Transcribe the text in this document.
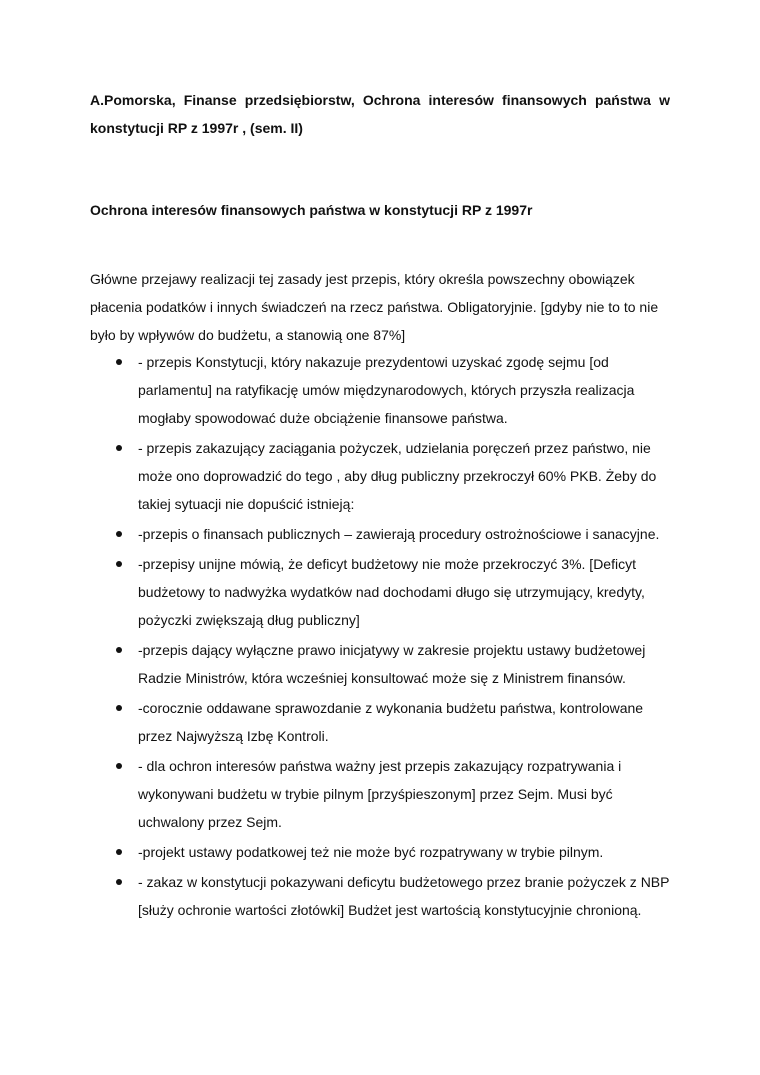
A.Pomorska, Finanse przedsiębiorstw, Ochrona interesów finansowych państwa w konstytucji RP z 1997r , (sem. II)

Ochrona interesów finansowych państwa w konstytucji RP z 1997r

Główne przejawy realizacji tej zasady jest przepis, który określa powszechny obowiązek płacenia podatków i innych świadczeń na rzecz państwa. Obligatoryjnie. [gdyby nie to to nie było by wpływów do budżetu, a stanowią one 87%]

- przepis Konstytucji, który nakazuje prezydentowi uzyskać zgodę sejmu [od parlamentu] na ratyfikację umów międzynarodowych, których przyszła realizacja mogłaby spowodować duże obciążenie finansowe państwa.
- przepis zakazujący zaciągania pożyczek, udzielania poręczeń przez państwo, nie może ono doprowadzić do tego , aby dług publiczny przekroczył 60% PKB. Żeby do takiej sytuacji nie dopuścić istnieją:
-przepis o finansach publicznych – zawierają procedury ostrożnościowe i sanacyjne.
-przepisy unijne mówią, że deficyt budżetowy nie może przekroczyć 3%. [Deficyt budżetowy to nadwyżka wydatków nad dochodami długo się utrzymujący, kredyty, pożyczki zwiększają dług publiczny]
-przepis dający wyłączne prawo inicjatywy w zakresie projektu ustawy budżetowej Radzie Ministrów, która wcześniej konsultować może się z Ministrem finansów.
-corocznie oddawane sprawozdanie z wykonania budżetu państwa, kontrolowane przez Najwyższą Izbę Kontroli.
- dla ochron interesów państwa ważny jest przepis zakazujący rozpatrywania i wykonywani budżetu w trybie pilnym [przyśpieszonym] przez Sejm. Musi być uchwalony przez Sejm.
-projekt ustawy podatkowej też nie może być rozpatrywany w trybie pilnym.
- zakaz w konstytucji pokazywani deficytu budżetowego przez branie pożyczek z NBP [służy ochronie wartości złotówki] Budżet jest wartością konstytucyjnie chronioną.
